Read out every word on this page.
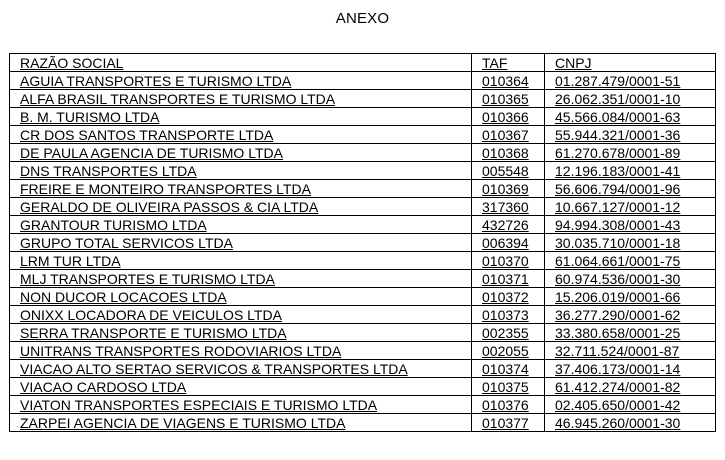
ANEXO
RAZÃO SOCIAL	TAF	CNPJ
AGUIA TRANSPORTES E TURISMO LTDA	010364	01.287.479/0001-51
ALFA BRASIL TRANSPORTES E TURISMO LTDA	010365	26.062.351/0001-10
B. M. TURISMO LTDA	010366	45.566.084/0001-63
CR DOS SANTOS TRANSPORTE LTDA	010367	55.944.321/0001-36
DE PAULA AGENCIA DE TURISMO LTDA	010368	61.270.678/0001-89
DNS TRANSPORTES LTDA	005548	12.196.183/0001-41
FREIRE E MONTEIRO TRANSPORTES LTDA	010369	56.606.794/0001-96
GERALDO DE OLIVEIRA PASSOS & CIA LTDA	317360	10.667.127/0001-12
GRANTOUR TURISMO LTDA	432726	94.994.308/0001-43
GRUPO TOTAL SERVICOS LTDA	006394	30.035.710/0001-18
LRM TUR LTDA	010370	61.064.661/0001-75
MLJ TRANSPORTES E TURISMO LTDA	010371	60.974.536/0001-30
NON DUCOR LOCACOES LTDA	010372	15.206.019/0001-66
ONIXX LOCADORA DE VEICULOS LTDA	010373	36.277.290/0001-62
SERRA TRANSPORTE E TURISMO LTDA	002355	33.380.658/0001-25
UNITRANS TRANSPORTES RODOVIARIOS LTDA	002055	32.711.524/0001-87
VIACAO ALTO SERTAO SERVICOS & TRANSPORTES LTDA	010374	37.406.173/0001-14
VIACAO CARDOSO LTDA	010375	61.412.274/0001-82
VIATON TRANSPORTES ESPECIAIS E TURISMO LTDA	010376	02.405.650/0001-42
ZARPEI AGENCIA DE VIAGENS E TURISMO LTDA	010377	46.945.260/0001-30
